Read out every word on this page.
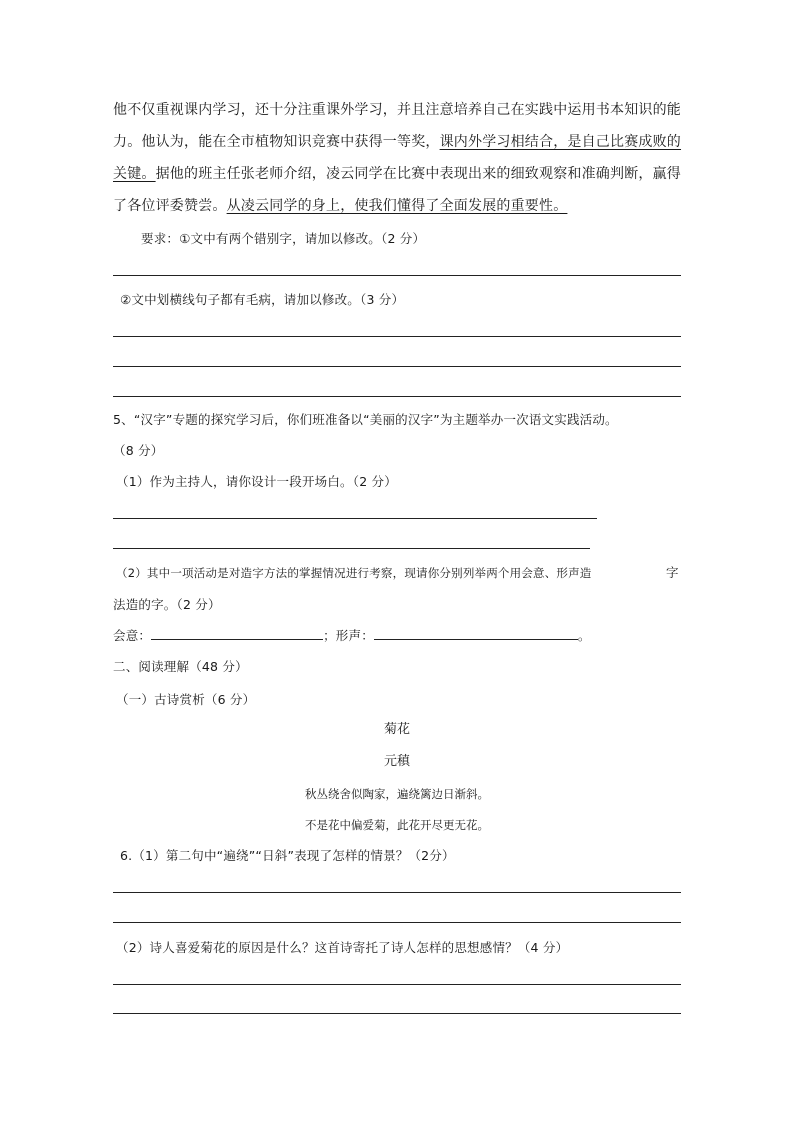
他不仅重视课内学习，还十分注重课外学习，并且注意培养自己在实践中运用书本知识的能
力。他认为，能在全市植物知识竞赛中获得一等奖，课内外学习相结合，是自己比赛成败的
关键。据他的班主任张老师介绍，凌云同学在比赛中表现出来的细致观察和准确判断，赢得
了各位评委赞尝。从凌云同学的身上，使我们懂得了全面发展的重要性。
要求：①文中有两个错别字，请加以修改。（2 分）
②文中划横线句子都有毛病，请加以修改。（3 分）
5、“汉字”专题的探究学习后，你们班准备以“美丽的汉字”为主题举办一次语文实践活动。
（8 分）
（1）作为主持人，请你设计一段开场白。（2 分）
（2）其中一项活动是对造字方法的掌握情况进行考察，现请你分别列举两个用会意、形声造	字
法造的字。（2 分）
会意：	；形声：	。
二、阅读理解（48 分）
（一）古诗赏析（6 分）
菊花
元稹
秋丛绕舍似陶家，遍绕篱边日渐斜。
不是花中偏爱菊，此花开尽更无花。
6.（1）第二句中“遍绕”“日斜”表现了怎样的情景？（2分）
（2）诗人喜爱菊花的原因是什么？这首诗寄托了诗人怎样的思想感情？（4 分）
